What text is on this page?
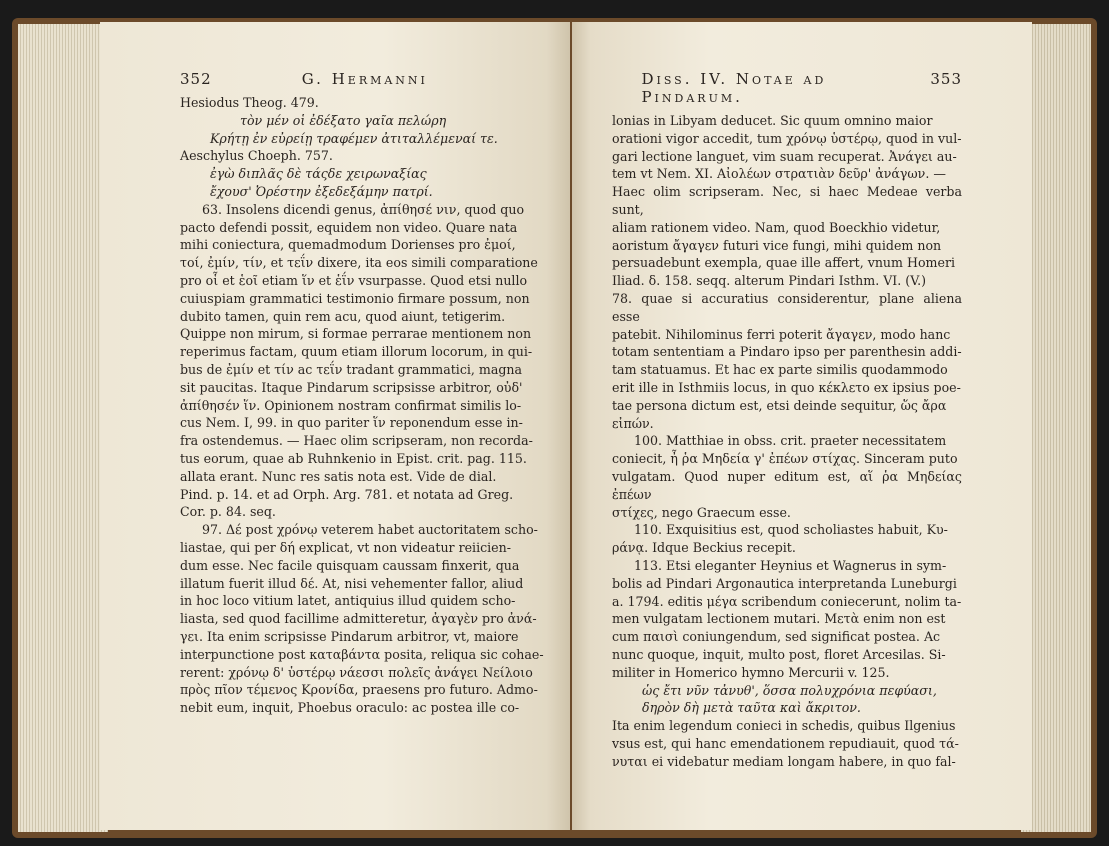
352	G. Hermanni

Hesiodus Theog. 479.

τὸν μέν οἱ ἐδέξατο γαῖα πελώρη

Κρήτῃ ἐν εὐρείῃ τραφέμεν ἀτιταλλέμεναί τε.

Aeschylus Choeph. 757.

ἐγὼ διπλᾶς δὲ τάςδε χειρωναξίας

ἔχουσ' Ὀρέστην ἐξεδεξάμην πατρί.

63. Insolens dicendi genus, ἀπίθησέ νιν, quod quo

pacto defendi possit, equidem non video. Quare nata

mihi coniectura, quemadmodum Dorienses pro ἐμοί,

τοί, ἐμίν, τίν, et τεΐν dixere, ita eos simili comparatione

pro οἷ et ἑοῖ etiam ἵν et ἑΐν vsurpasse. Quod etsi nullo

cuiuspiam grammatici testimonio firmare possum, non

dubito tamen, quin rem acu, quod aiunt, tetigerim.

Quippe non mirum, si formae perrarae mentionem non

reperimus factam, quum etiam illorum locorum, in qui-

bus de ἐμίν et τίν ac τεΐν tradant grammatici, magna

sit paucitas. Itaque Pindarum scripsisse arbitror, οὐδ'

ἀπίθησέν ἵν. Opinionem nostram confirmat similis lo-

cus Nem. I, 99. in quo pariter ἵν reponendum esse in-

fra ostendemus. — Haec olim scripseram, non recorda-

tus eorum, quae ab Ruhnkenio in Epist. crit. pag. 115.

allata erant. Nunc res satis nota est. Vide de dial.

Pind. p. 14. et ad Orph. Arg. 781. et notata ad Greg.

Cor. p. 84. seq.

97. Δέ post χρόνῳ veterem habet auctoritatem scho-

liastae, qui per δή explicat, vt non videatur reiicien-

dum esse. Nec facile quisquam caussam finxerit, qua

illatum fuerit illud δέ. At, nisi vehementer fallor, aliud

in hoc loco vitium latet, antiquius illud quidem scho-

liasta, sed quod facillime admitteretur, ἀγαγὲν pro ἀνά-

γει. Ita enim scripsisse Pindarum arbitror, vt, maiore

interpunctione post καταβάντα posita, reliqua sic cohae-

rerent: χρόνῳ δ' ὑστέρῳ νάεσσι πολεῖς ἀνάγει Νείλοιο

πρὸς πῖον τέμενος Κρονίδα, praesens pro futuro. Admo-

nebit eum, inquit, Phoebus oraculo: ac postea ille co-

Diss. IV. Notae ad Pindarum.
353

lonias in Libyam deducet. Sic quum omnino maior

orationi vigor accedit, tum χρόνῳ ὑστέρῳ, quod in vul-

gari lectione languet, vim suam recuperat. Ἀνάγει au-

tem vt Nem. XI. Αἰολέων στρατιὰν δεῦρ' ἀνάγων. —

Haec olim scripseram. Nec, si haec Medeae verba sunt,

aliam rationem video. Nam, quod Boeckhio videtur,

aoristum ἄγαγεν futuri vice fungi, mihi quidem non

persuadebunt exempla, quae ille affert, vnum Homeri

Iliad. δ. 158. seqq. alterum Pindari Isthm. VI. (V.)

78. quae si accuratius considerentur, plane aliena esse

patebit. Nihilominus ferri poterit ἄγαγεν, modo hanc

totam sententiam a Pindaro ipso per parenthesin addi-

tam statuamus. Et hac ex parte similis quodammodo

erit ille in Isthmiis locus, in quo κέκλετο ex ipsius poe-

tae persona dictum est, etsi deinde sequitur, ὥς ἄρα

εἰπών.

100. Matthiae in obss. crit. praeter necessitatem

coniecit, ἦ ῥα Μηδεία γ' ἐπέων στίχας. Sinceram puto

vulgatam. Quod nuper editum est, αἵ ῥα Μηδείας ἐπέων

στίχες, nego Graecum esse.

110. Exquisitius est, quod scholiastes habuit, Κυ-

ράνᾳ. Idque Beckius recepit.

113. Etsi eleganter Heynius et Wagnerus in sym-

bolis ad Pindari Argonautica interpretanda Luneburgi

a. 1794. editis μέγα scribendum coniecerunt, nolim ta-

men vulgatam lectionem mutari. Μετὰ enim non est

cum παισὶ coniungendum, sed significat postea. Ac

nunc quoque, inquit, multo post, floret Arcesilas. Si-

militer in Homerico hymno Mercurii v. 125.

ὡς ἔτι νῦν τἀνυθ', ὅσσα πολυχρόνια πεφύασι,

δηρὸν δὴ μετὰ ταῦτα καὶ ἄκριτον.

Ita enim legendum conieci in schedis, quibus Ilgenius

vsus est, qui hanc emendationem repudiauit, quod τά-

νυται ei videbatur mediam longam habere, in quo fal-
